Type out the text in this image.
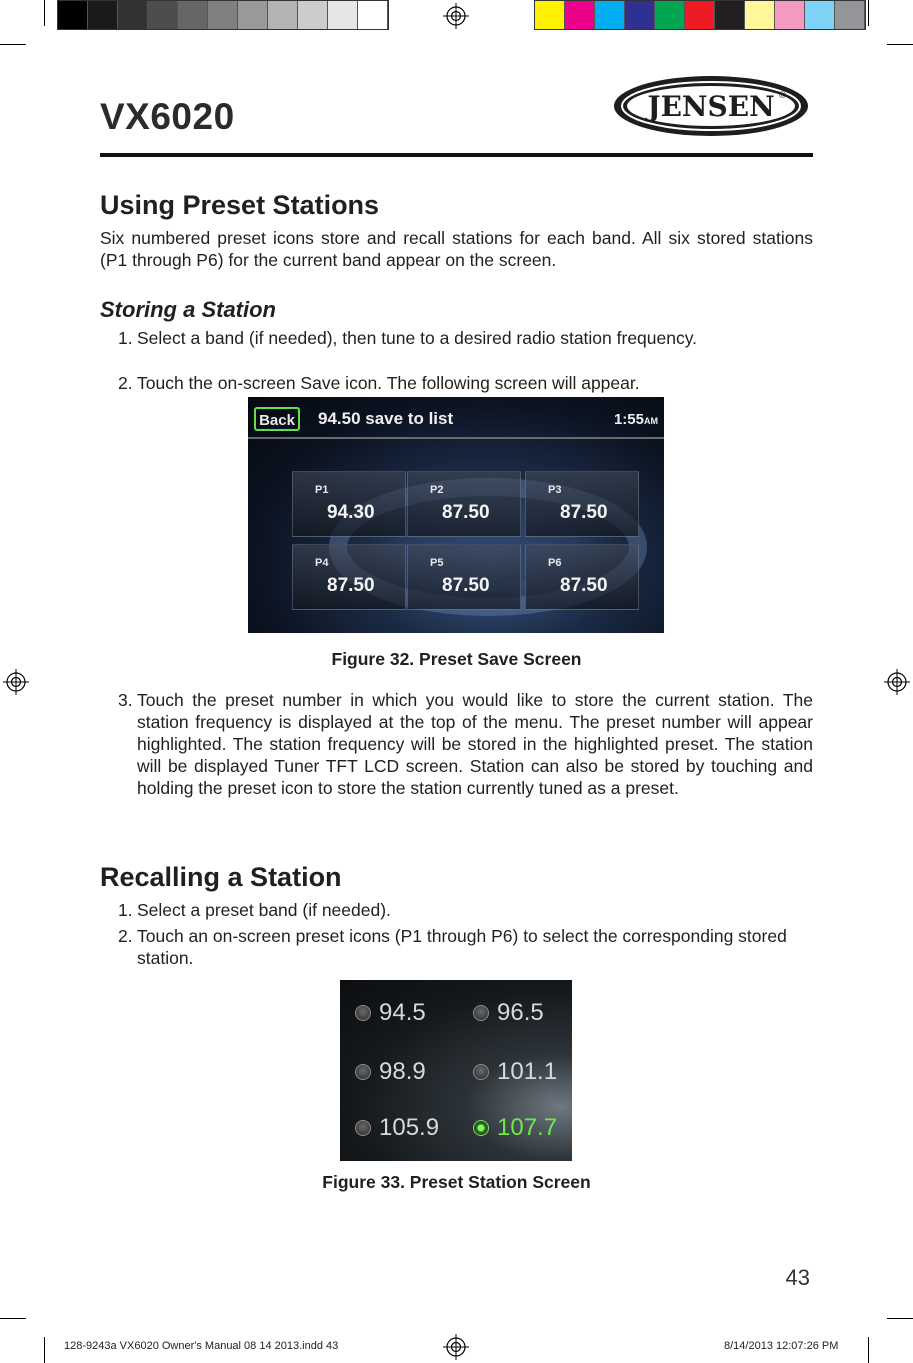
VX6020	JENSEN ®
Using Preset Stations
Six numbered preset icons store and recall stations for each band. All six stored stations (P1 through P6) for the current band appear on the screen.
Storing a Station
1. Select a band (if needed), then tune to a desired radio station frequency.
2. Touch the on-screen Save icon. The following screen will appear.
Back 94.50 save to list	1:55AM
P1
94.30
P2
87.50
P3
87.50
P4
87.50
P5
87.50
P6
87.50
Figure 32. Preset Save Screen
3. Touch the preset number in which you would like to store the current station. The station frequency is displayed at the top of the menu. The preset number will appear highlighted. The station frequency will be stored in the highlighted preset. The station will be displayed Tuner TFT LCD screen. Station can also be stored by touching and holding the preset icon to store the station currently tuned as a preset.
Recalling a Station
1. Select a preset band (if needed).
2. Touch an on-screen preset icons (P1 through P6) to select the corresponding stored station.
94.5	96.5
98.9	101.1
105.9 107.7
Figure 33. Preset Station Screen
43
128-9243a VX6020 Owner's Manual 08 14 2013.indd 43	8/14/2013 12:07:26 PM
